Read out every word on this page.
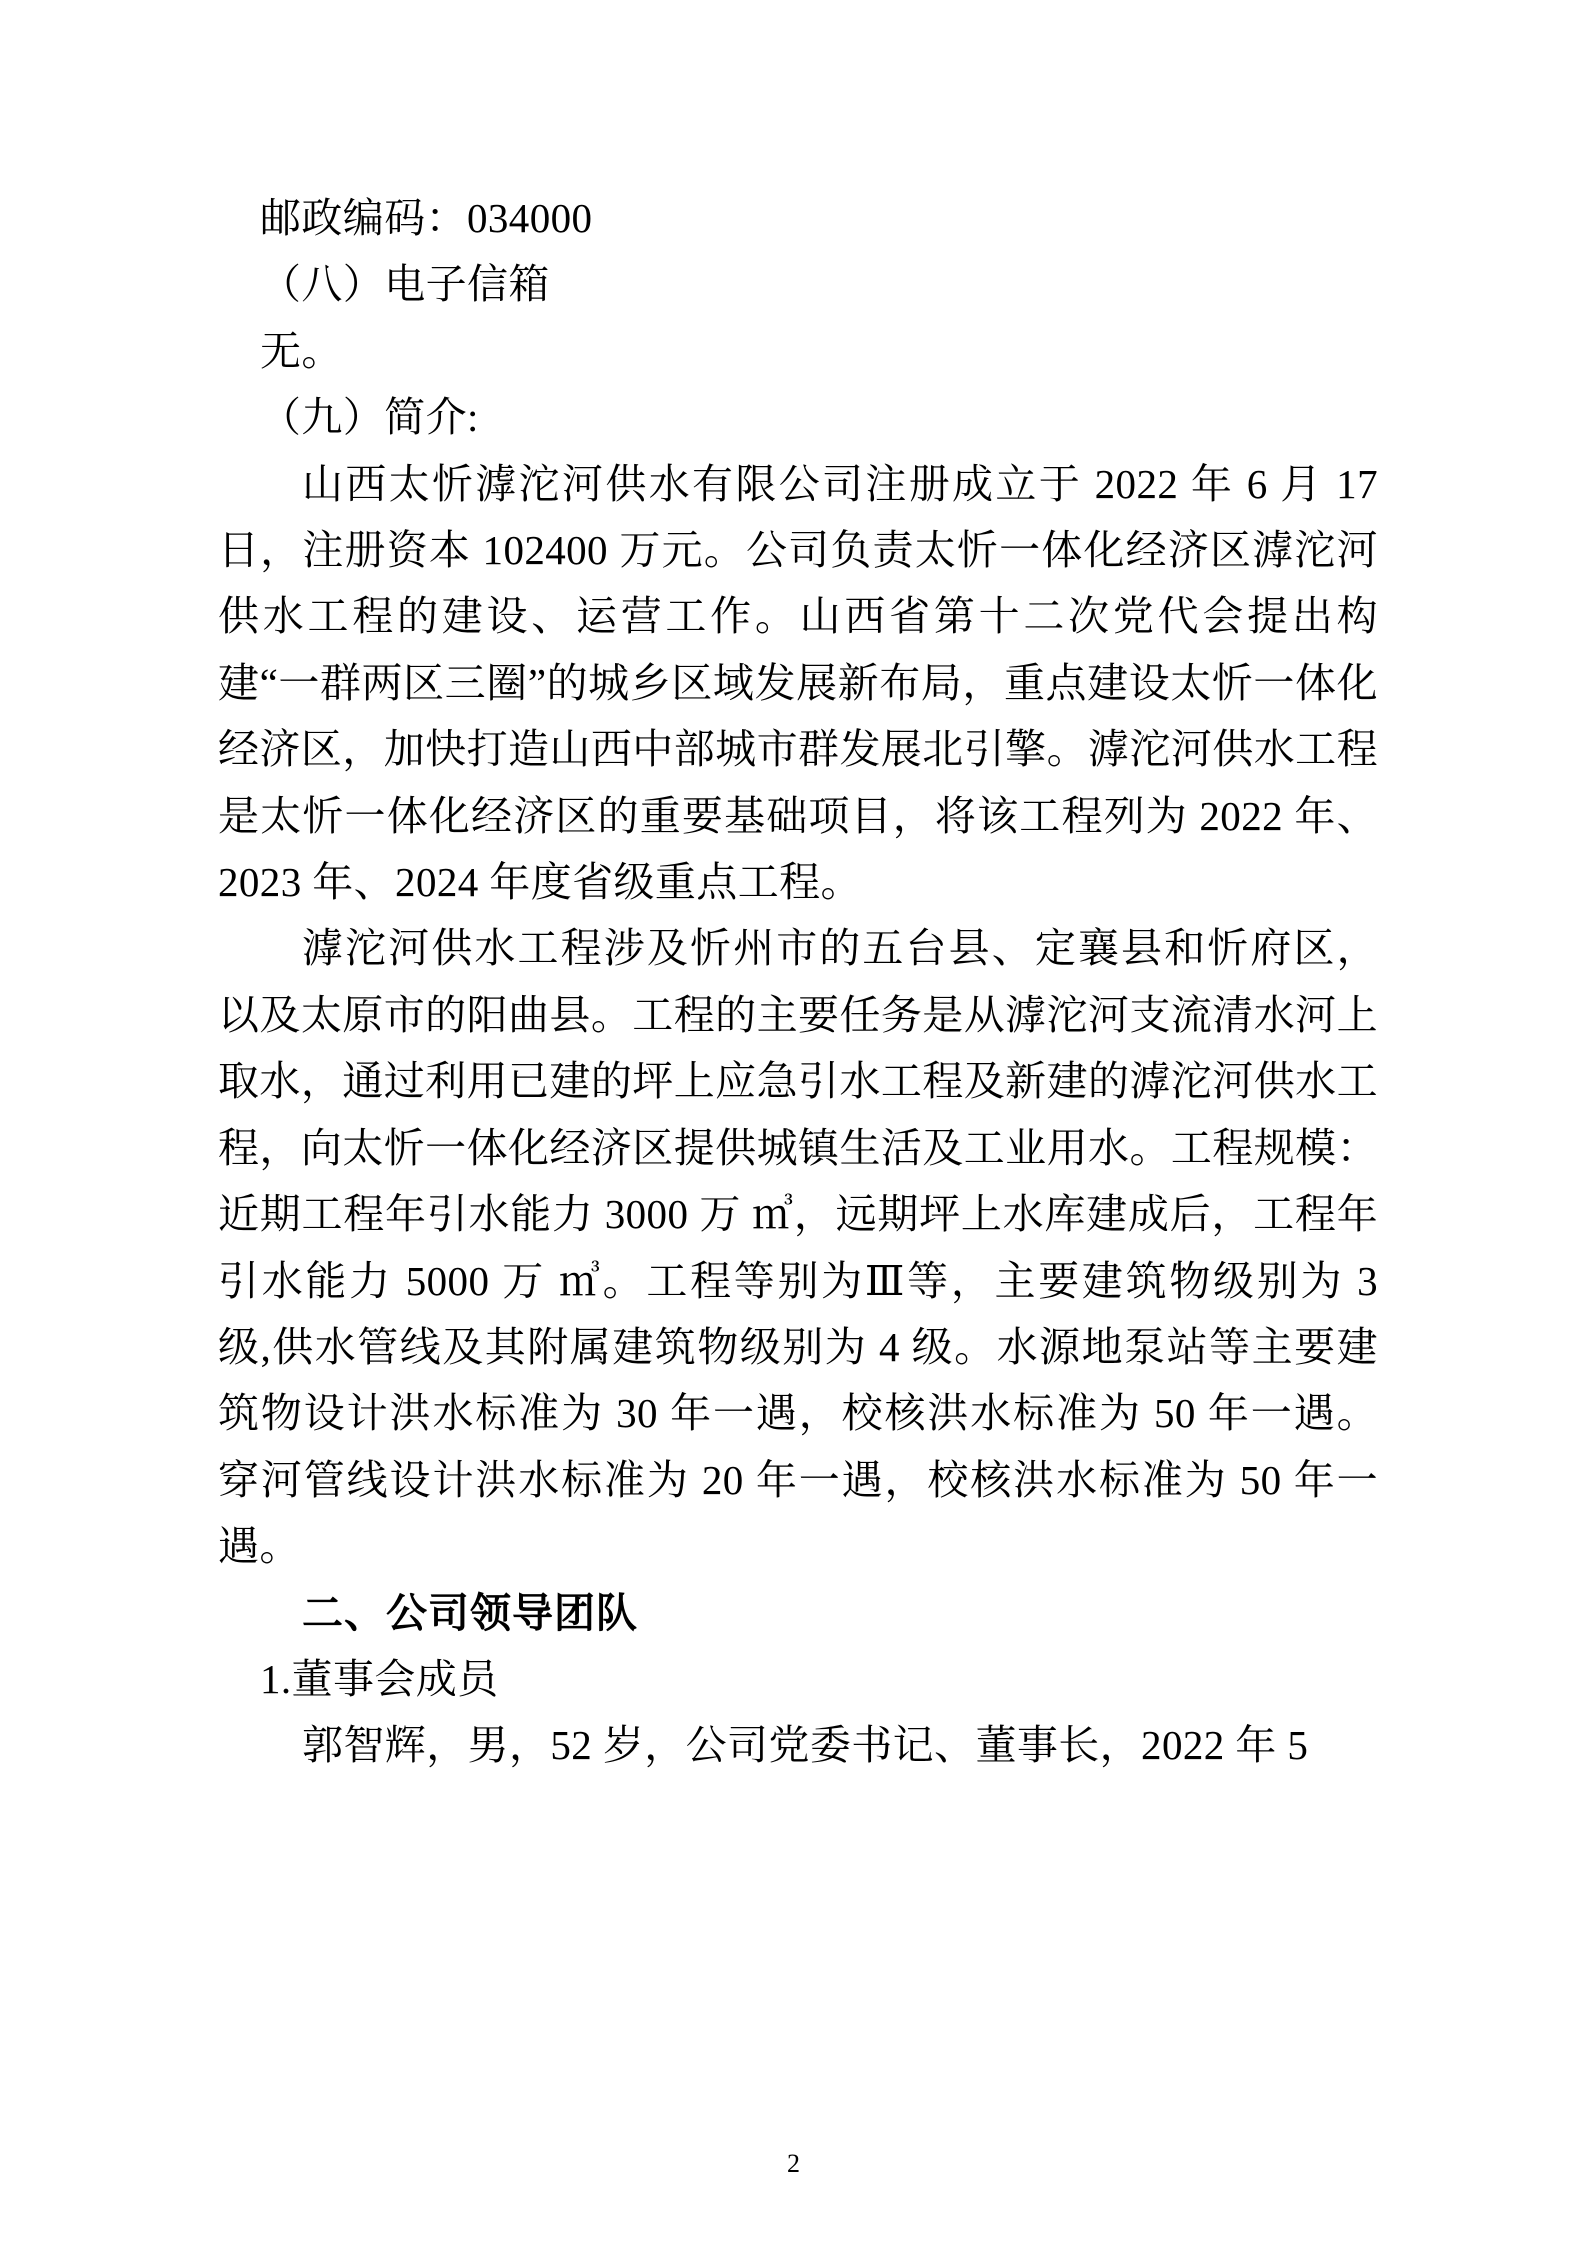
邮政编码：034000

（八）电子信箱

无。

（九）简介:

山西太忻滹沱河供水有限公司注册成立于 2022 年 6 月 17 日，注册资本 102400 万元。公司负责太忻一体化经济区滹沱河供水工程的建设、运营工作。山西省第十二次党代会提出构建“一群两区三圈”的城乡区域发展新布局，重点建设太忻一体化经济区，加快打造山西中部城市群发展北引擎。滹沱河供水工程是太忻一体化经济区的重要基础项目，将该工程列为 2022 年、2023 年、2024 年度省级重点工程。

滹沱河供水工程涉及忻州市的五台县、定襄县和忻府区，以及太原市的阳曲县。工程的主要任务是从滹沱河支流清水河上取水，通过利用已建的坪上应急引水工程及新建的滹沱河供水工程，向太忻一体化经济区提供城镇生活及工业用水。工程规模：近期工程年引水能力 3000 万 ㎥，远期坪上水库建成后，工程年引水能力 5000 万 ㎥。工程等别为Ⅲ等，主要建筑物级别为 3 级,供水管线及其附属建筑物级别为 4 级。水源地泵站等主要建筑物设计洪水标准为 30 年一遇，校核洪水标准为 50 年一遇。穿河管线设计洪水标准为 20 年一遇，校核洪水标准为 50 年一遇。

二、公司领导团队

1.董事会成员

郭智辉，男，52 岁，公司党委书记、董事长，2022 年 5

2
